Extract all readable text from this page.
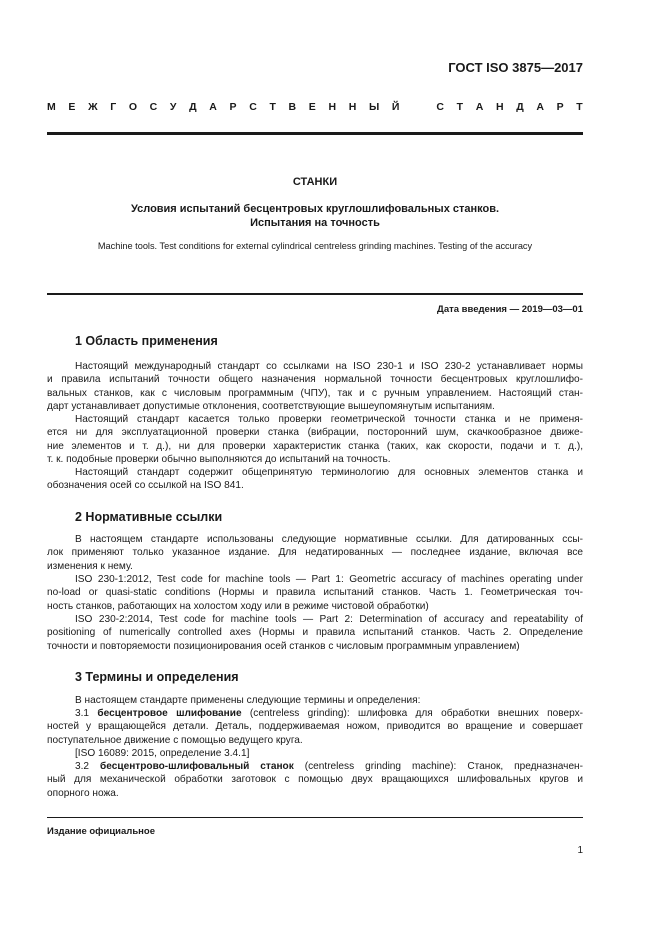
ГОСТ ISO 3875—2017
М Е Ж Г О С У Д А Р С Т В Е Н Н Ы Й
	С Т А Н Д А Р Т
СТАНКИ
Условия испытаний бесцентровых круглошлифовальных станков.
Испытания на точность
Machine tools. Test conditions for external cylindrical centreless grinding machines. Testing of the accuracy
Дата введения — 2019—03—01
1 Область применения
Настоящий международный стандарт со ссылками на ISO 230-1 и ISO 230-2 устанавливает нормы
и правила испытаний точности общего назначения нормальной точности бесцентровых круглошлифо-
вальных станков, как с числовым программным (ЧПУ), так и с ручным управлением. Настоящий стан-
дарт устанавливает допустимые отклонения, соответствующие вышеупомянутым испытаниям.
Настоящий стандарт касается только проверки геометрической точности станка и не применя-
ется ни для эксплуатационной проверки станка (вибрации, посторонний шум, скачкообразное движе-
ние элементов и т. д.), ни для проверки характеристик станка (таких, как скорости, подачи и т. д.),
т. к. подобные проверки обычно выполняются до испытаний на точность.
Настоящий стандарт содержит общепринятую терминологию для основных элементов станка и
обозначения осей со ссылкой на ISO 841.
2 Нормативные ссылки
В настоящем стандарте использованы следующие нормативные ссылки. Для датированных ссы-
лок применяют только указанное издание. Для недатированных — последнее издание, включая все
изменения к нему.
ISO 230-1:2012, Test code for machine tools — Part 1: Geometric accuracy of machines operating under
no-load or quasi-static conditions (Нормы и правила испытаний станков. Часть 1. Геометрическая точ-
ность станков, работающих на холостом ходу или в режиме чистовой обработки)
ISO 230-2:2014, Test code for machine tools — Part 2: Determination of accuracy and repeatability of
positioning of numerically controlled axes (Нормы и правила испытаний станков. Часть 2. Определение
точности и повторяемости позиционирования осей станков с числовым программным управлением)
3 Термины и определения
В настоящем стандарте применены следующие термины и определения:
3.1 бесцентровое шлифование (centreless grinding): шлифовка для обработки внешних поверх-
ностей у вращающейся детали. Деталь, поддерживаемая ножом, приводится во вращение и совершает
поступательное движение с помощью ведущего круга.
[ISO 16089: 2015, определение 3.4.1]
3.2 бесцентрово-шлифовальный станок (centreless grinding machine): Станок, предназначен-
ный для механической обработки заготовок с помощью двух вращающихся шлифовальных кругов и
опорного ножа.
Издание официальное
1
